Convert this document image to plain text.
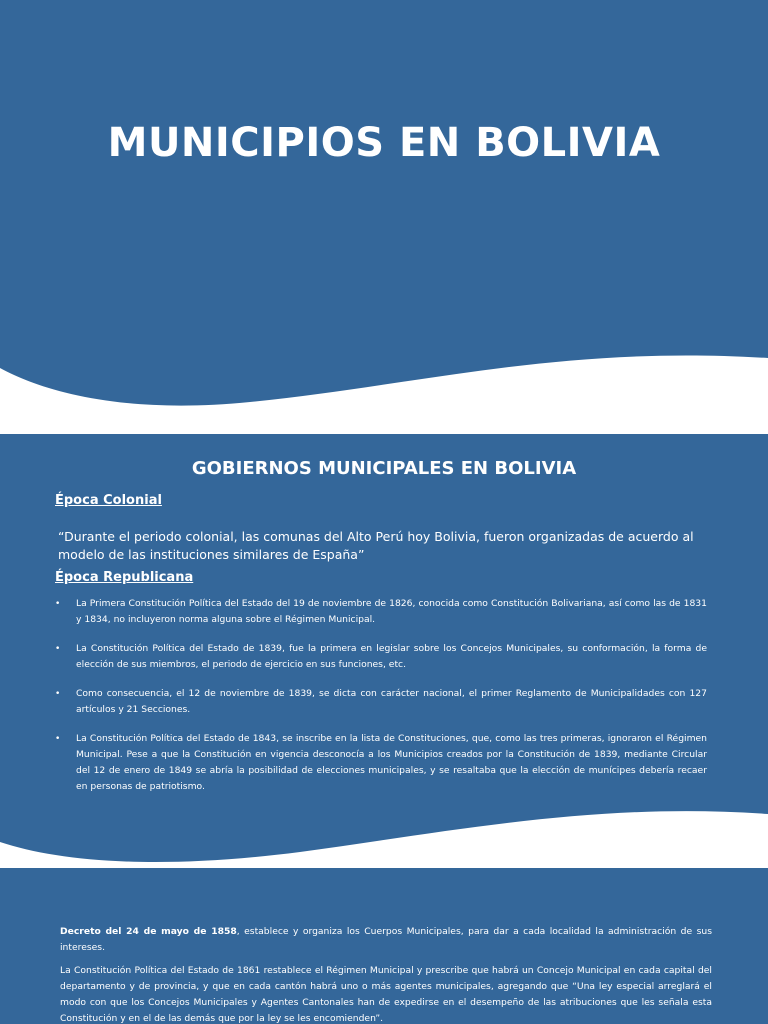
MUNICIPIOS EN BOLIVIA
GOBIERNOS MUNICIPALES EN BOLIVIA
Época Colonial
“Durante el periodo colonial, las comunas del Alto Perú hoy Bolivia, fueron organizadas de acuerdo al modelo de las instituciones similares de España”
Época Republicana
• La Primera Constitución Política del Estado del 19 de noviembre de 1826, conocida como Constitución Bolivariana, así como las de 1831 y 1834, no incluyeron norma alguna sobre el Régimen Municipal.
• La Constitución Política del Estado de 1839, fue la primera en legislar sobre los Concejos Municipales, su conformación, la forma de elección de sus miembros, el periodo de ejercicio en sus funciones, etc.
• Como consecuencia, el 12 de noviembre de 1839, se dicta con carácter nacional, el primer Reglamento de Municipalidades con 127 artículos y 21 Secciones.
• La Constitución Política del Estado de 1843, se inscribe en la lista de Constituciones, que, como las tres primeras, ignoraron el Régimen Municipal. Pese a que la Constitución en vigencia desconocía a los Municipios creados por la Constitución de 1839, mediante Circular del 12 de enero de 1849 se abría la posibilidad de elecciones municipales, y se resaltaba que la elección de munícipes debería recaer en personas de patriotismo.

Decreto del 24 de mayo de 1858, establece y organiza los Cuerpos Municipales, para dar a cada localidad la administración de sus intereses.

La Constitución Política del Estado de 1861 restablece el Régimen Municipal y prescribe que habrá un Concejo Municipal en cada capital del departamento y de provincia, y que en cada cantón habrá uno o más agentes municipales, agregando que “Una ley especial arreglará el modo con que los Concejos Municipales y Agentes Cantonales han de expedirse en el desempeño de las atribuciones que les señala esta Constitución y en el de las demás que por la ley se les encomienden”.
